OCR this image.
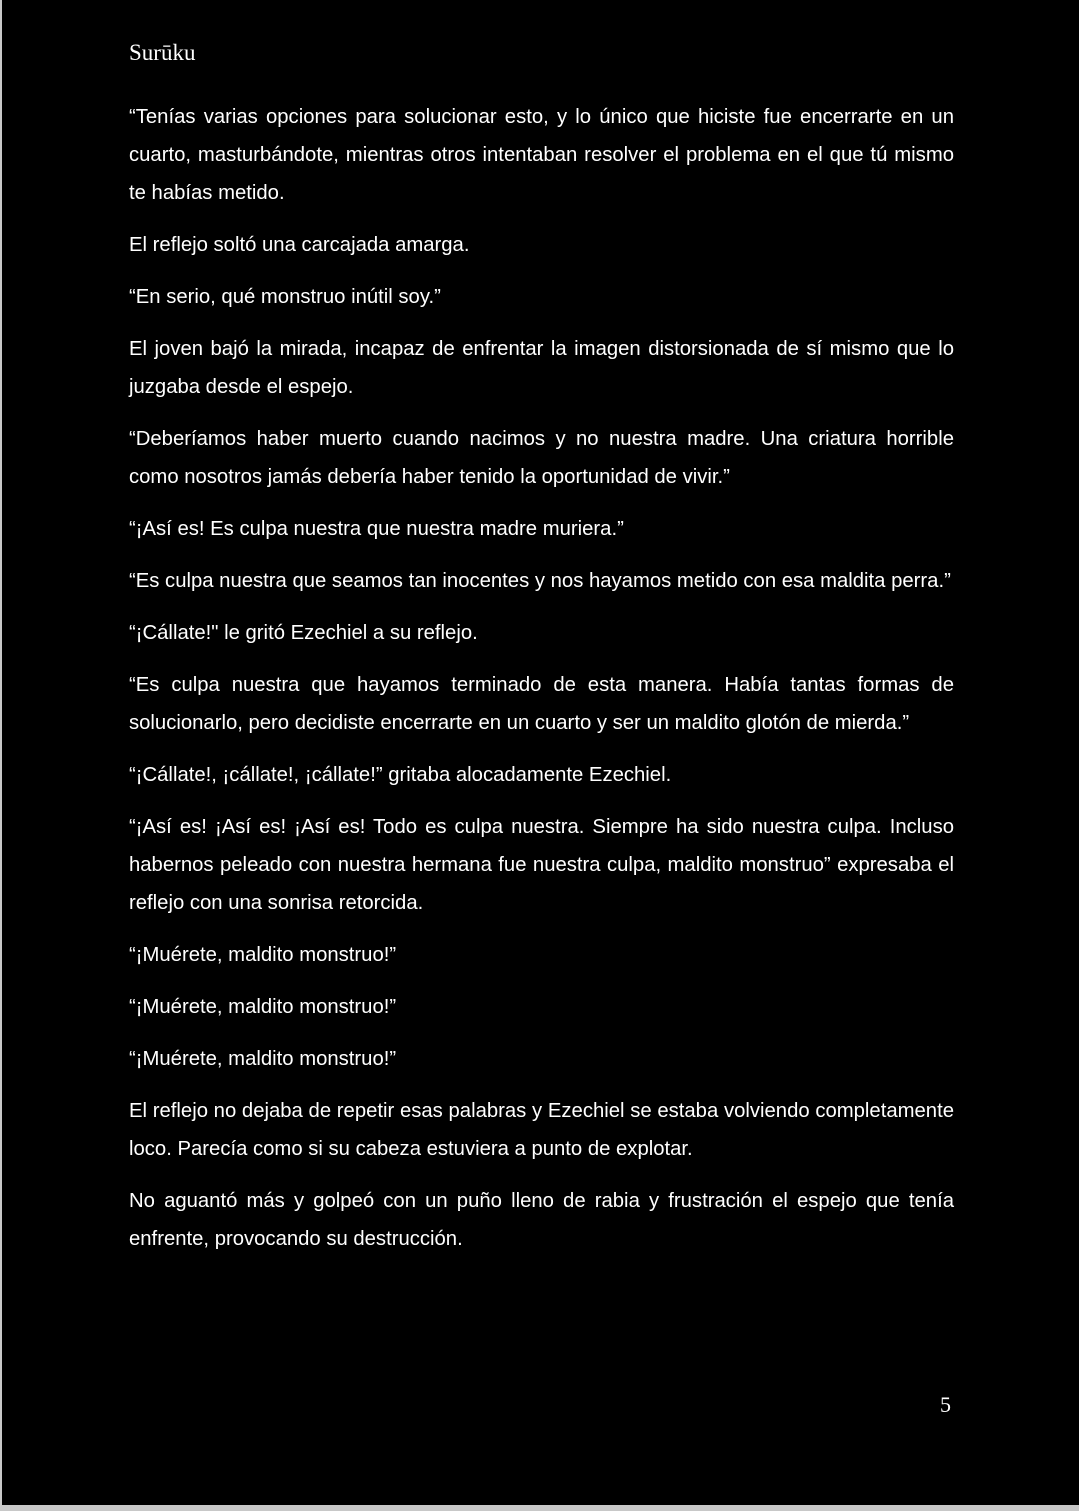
Surūku

“Tenías varias opciones para solucionar esto, y lo único que hiciste fue encerrarte en un cuarto, masturbándote, mientras otros intentaban resolver el problema en el que tú mismo te habías metido.

El reflejo soltó una carcajada amarga.

“En serio, qué monstruo inútil soy.”

El joven bajó la mirada, incapaz de enfrentar la imagen distorsionada de sí mismo que lo juzgaba desde el espejo.

“Deberíamos haber muerto cuando nacimos y no nuestra madre. Una criatura horrible como nosotros jamás debería haber tenido la oportunidad de vivir.”

“¡Así es! Es culpa nuestra que nuestra madre muriera.”

“Es culpa nuestra que seamos tan inocentes y nos hayamos metido con esa maldita perra.”

“¡Cállate!" le gritó Ezechiel a su reflejo.

“Es culpa nuestra que hayamos terminado de esta manera. Había tantas formas de solucionarlo, pero decidiste encerrarte en un cuarto y ser un maldito glotón de mierda.”

“¡Cállate!, ¡cállate!, ¡cállate!” gritaba alocadamente Ezechiel.

“¡Así es! ¡Así es! ¡Así es! Todo es culpa nuestra. Siempre ha sido nuestra culpa. Incluso habernos peleado con nuestra hermana fue nuestra culpa, maldito monstruo” expresaba el reflejo con una sonrisa retorcida.

“¡Muérete, maldito monstruo!”

“¡Muérete, maldito monstruo!”

“¡Muérete, maldito monstruo!”

El reflejo no dejaba de repetir esas palabras y Ezechiel se estaba volviendo completamente loco. Parecía como si su cabeza estuviera a punto de explotar.

No aguantó más y golpeó con un puño lleno de rabia y frustración el espejo que tenía enfrente, provocando su destrucción.

5
